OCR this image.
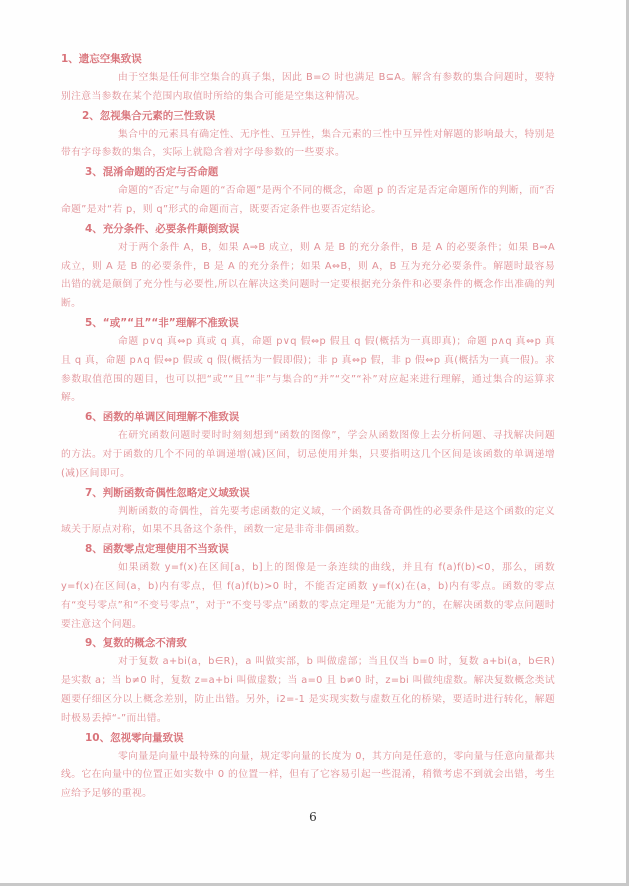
1、遗忘空集致误

由于空集是任何非空集合的真子集，因此 B=∅ 时也满足 B⊆A。解含有参数的集合问题时，要特别注意当参数在某个范围内取值时所给的集合可能是空集这种情况。

2、忽视集合元素的三性致误

集合中的元素具有确定性、无序性、互异性，集合元素的三性中互异性对解题的影响最大，特别是带有字母参数的集合，实际上就隐含着对字母参数的一些要求。

3、混淆命题的否定与否命题

命题的“否定”与命题的“否命题”是两个不同的概念，命题 p 的否定是否定命题所作的判断，而“否命题”是对“若 p，则 q”形式的命题而言，既要否定条件也要否定结论。

4、充分条件、必要条件颠倒致误

对于两个条件 A，B，如果 A⇒B 成立，则 A 是 B 的充分条件，B 是 A 的必要条件；如果 B⇒A 成立，则 A 是 B 的必要条件，B 是 A 的充分条件；如果 A⇔B，则 A，B 互为充分必要条件。解题时最容易出错的就是颠倒了充分性与必要性,所以在解决这类问题时一定要根据充分条件和必要条件的概念作出准确的判断。

5、“或”“且”“非”理解不准致误

命题 p∨q 真⇔p 真或 q 真，命题 p∨q 假⇔p 假且 q 假(概括为一真即真)；命题 p∧q 真⇔p 真且 q 真，命题 p∧q 假⇔p 假或 q 假(概括为一假即假)；非 p 真⇔p 假，非 p 假⇔p 真(概括为一真一假)。求参数取值范围的题目，也可以把“或”“且”“非”与集合的“并”“交”“补”对应起来进行理解，通过集合的运算求解。

6、函数的单调区间理解不准致误

在研究函数问题时要时时刻刻想到“函数的图像”，学会从函数图像上去分析问题、寻找解决问题的方法。对于函数的几个不同的单调递增(减)区间，切忌使用并集，只要指明这几个区间是该函数的单调递增(减)区间即可。

7、判断函数奇偶性忽略定义域致误

判断函数的奇偶性，首先要考虑函数的定义域，一个函数具备奇偶性的必要条件是这个函数的定义域关于原点对称，如果不具备这个条件，函数一定是非奇非偶函数。

8、函数零点定理使用不当致误

如果函数 y=f(x)在区间[a，b]上的图像是一条连续的曲线，并且有 f(a)f(b)<0，那么，函数 y=f(x)在区间(a，b)内有零点，但 f(a)f(b)>0 时，不能否定函数 y=f(x)在(a，b)内有零点。函数的零点有“变号零点”和“不变号零点”，对于“不变号零点”函数的零点定理是“无能为力”的，在解决函数的零点问题时要注意这个问题。

9、复数的概念不清致

对于复数 a+bi(a，b∈R)，a 叫做实部，b 叫做虚部；当且仅当 b=0 时，复数 a+bi(a，b∈R)是实数 a；当 b≠0 时，复数 z=a+bi 叫做虚数；当 a=0 且 b≠0 时，z=bi 叫做纯虚数。解决复数概念类试题要仔细区分以上概念差别，防止出错。另外，i2=-1 是实现实数与虚数互化的桥梁，要适时进行转化，解题时极易丢掉“-”而出错。

10、忽视零向量致误

零向量是向量中最特殊的向量，规定零向量的长度为 0，其方向是任意的，零向量与任意向量都共线。它在向量中的位置正如实数中 0 的位置一样，但有了它容易引起一些混淆，稍微考虑不到就会出错，考生应给予足够的重视。

6
